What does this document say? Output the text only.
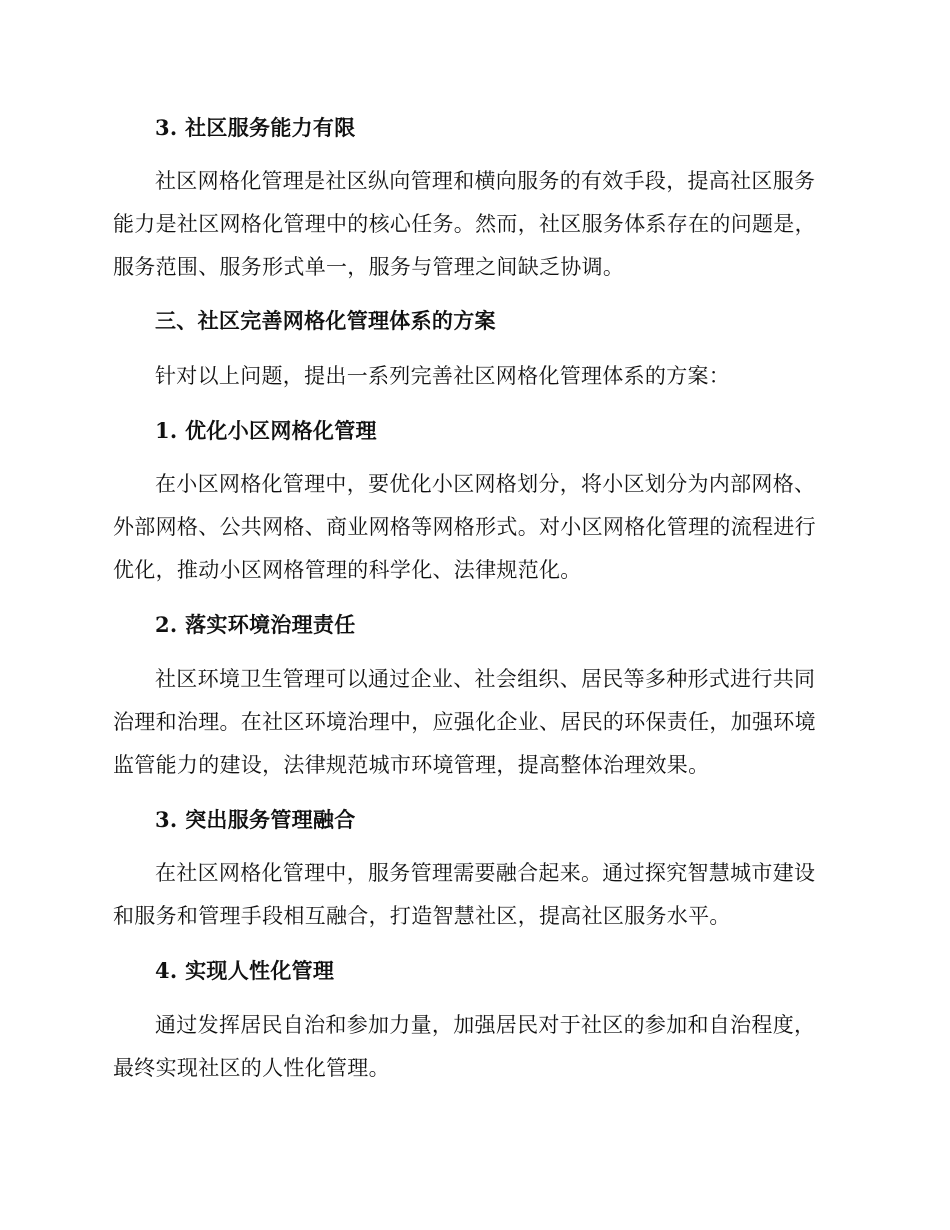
3. 社区服务能力有限
社区网格化管理是社区纵向管理和横向服务的有效手段，提高社区服务
能力是社区网格化管理中的核心任务。然而，社区服务体系存在的问题是，
服务范围、服务形式单一，服务与管理之间缺乏协调。
三、社区完善网格化管理体系的方案
针对以上问题，提出一系列完善社区网格化管理体系的方案：
1. 优化小区网格化管理
在小区网格化管理中，要优化小区网格划分，将小区划分为内部网格、
外部网格、公共网格、商业网格等网格形式。对小区网格化管理的流程进行
优化，推动小区网格管理的科学化、法律规范化。
2. 落实环境治理责任
社区环境卫生管理可以通过企业、社会组织、居民等多种形式进行共同
治理和治理。在社区环境治理中，应强化企业、居民的环保责任，加强环境
监管能力的建设，法律规范城市环境管理，提高整体治理效果。
3. 突出服务管理融合
在社区网格化管理中，服务管理需要融合起来。通过探究智慧城市建设
和服务和管理手段相互融合，打造智慧社区，提高社区服务水平。
4. 实现人性化管理
通过发挥居民自治和参加力量，加强居民对于社区的参加和自治程度，
最终实现社区的人性化管理。
